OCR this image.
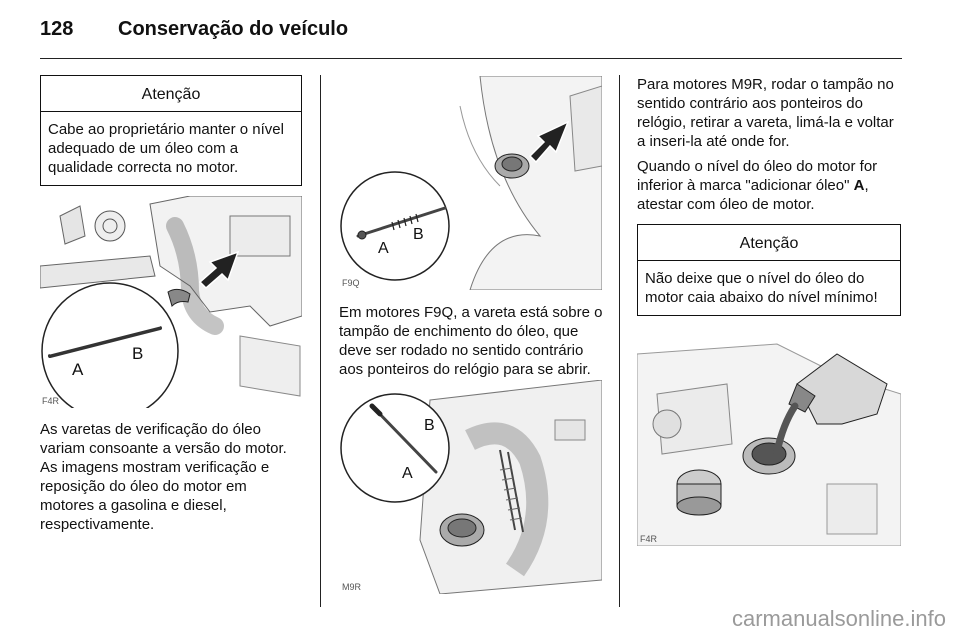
128 Conservação do veículo
Atenção
Cabe ao proprietário manter o nível adequado de um óleo com a qualidade correcta no motor.
A
B
F4R

As varetas de verificação do óleo variam consoante a versão do motor. As imagens mostram verificação e reposição do óleo do motor em motores a gasolina e diesel, respectivamente.

A
B
F9Q

Em motores F9Q, a vareta está sobre o tampão de enchimento do óleo, que deve ser rodado no sentido contrário aos ponteiros do relógio para se abrir.

A
B
M9R

Para motores M9R, rodar o tampão no sentido contrário aos ponteiros do relógio, retirar a vareta, limá-la e voltar a inseri-la até onde for.

Quando o nível do óleo do motor for inferior à marca "adicionar óleo" A, atestar com óleo de motor.

Atenção
Não deixe que o nível do óleo do motor caia abaixo do nível mínimo!
F4R
carmanualsonline.info
